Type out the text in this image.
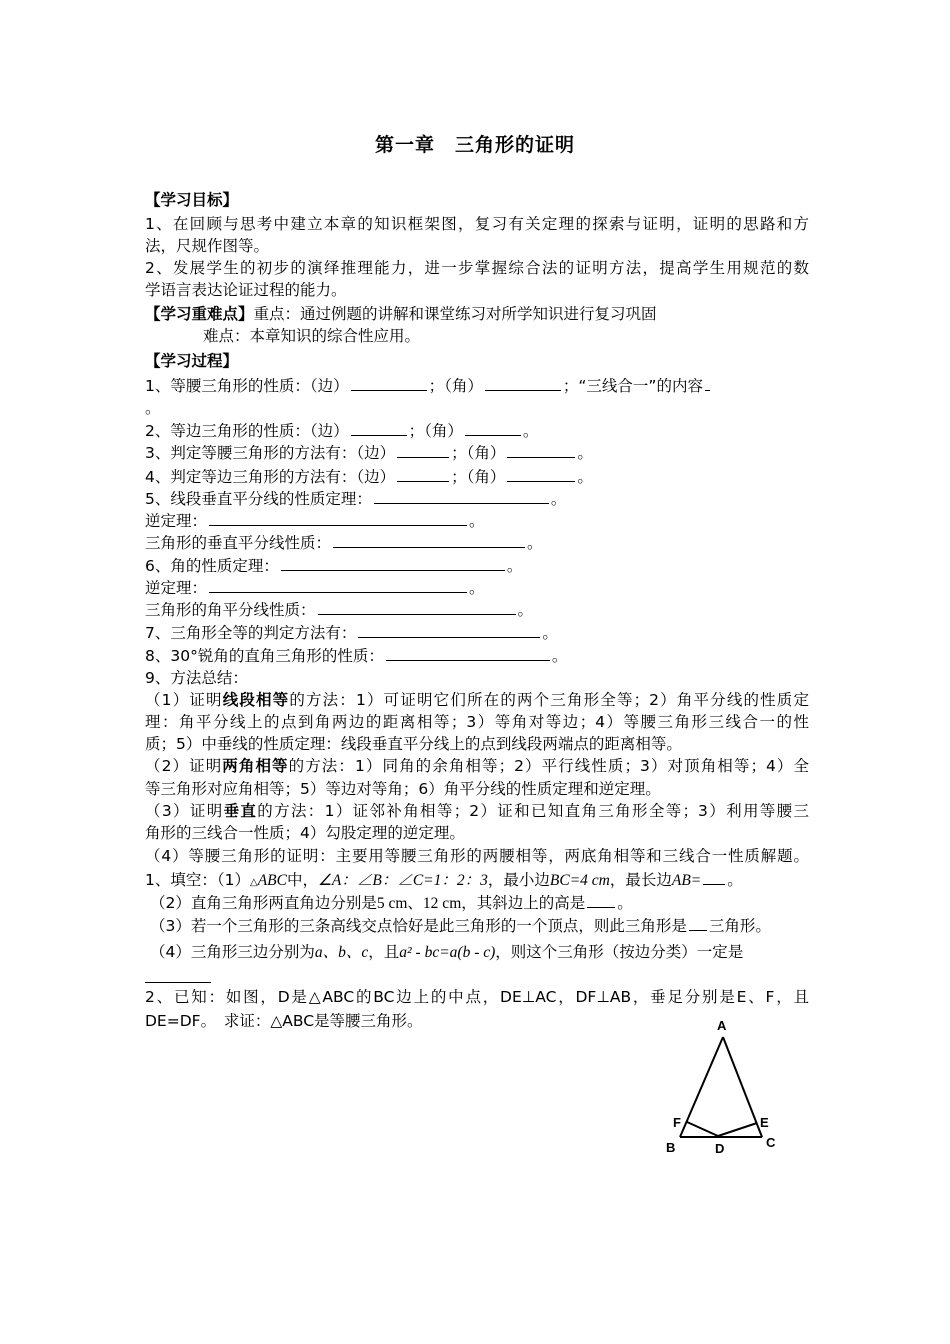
第一章　三角形的证明
【学习目标】
1、在回顾与思考中建立本章的知识框架图，复习有关定理的探索与证明，证明的思路和方
法，尺规作图等。
2、发展学生的初步的演绎推理能力，进一步掌握综合法的证明方法，提高学生用规范的数
学语言表达论证过程的能力。
【学习重难点】重点：通过例题的讲解和课堂练习对所学知识进行复习巩固
难点：本章知识的综合性应用。
【学习过程】
1、等腰三角形的性质：（边）	；（角）	；“三线合一”的内容
。
2、等边三角形的性质：（边）	；（角）	。
3、判定等腰三角形的方法有：（边）	；（角）	。
4、判定等边三角形的方法有：（边）	；（角）	。
5、线段垂直平分线的性质定理：	。
逆定理：	。
三角形的垂直平分线性质：	。
6、角的性质定理：	。
逆定理：	。
三角形的角平分线性质：	。
7、三角形全等的判定方法有：	。
8、30°锐角的直角三角形的性质：	。
9、方法总结：
（1）证明线段相等的方法：1）可证明它们所在的两个三角形全等；2）角平分线的性质定
理：角平分线上的点到角两边的距离相等；3）等角对等边；4）等腰三角形三线合一的性
质；5）中垂线的性质定理：线段垂直平分线上的点到线段两端点的距离相等。
（2）证明两角相等的方法：1）同角的余角相等；2）平行线性质；3）对顶角相等；4）全
等三角形对应角相等；5）等边对等角；6）角平分线的性质定理和逆定理。
（3）证明垂直的方法：1）证邻补角相等；2）证和已知直角三角形全等；3）利用等腰三
角形的三线合一性质；4）勾股定理的逆定理。
（4）等腰三角形的证明：主要用等腰三角形的两腰相等，两底角相等和三线合一性质解题。
1、填空：（1）△ABC中，∠A：∠B：∠C=1：2：3，最小边BC=4 cm，最长边AB= 。
（2）直角三角形两直角边分别是5 cm、12 cm，其斜边上的高是 。
（3）若一个三角形的三条高线交点恰好是此三角形的一个顶点，则此三角形是 三角形。
（4）三角形三边分别为a、b、c，且a² - bc=a(b - c)，则这个三角形（按边分类）一定是
2、已知：如图，D是△ABC的BC边上的中点，DE⊥AC，DF⊥AB，垂足分别是E、F，且
DE=DF。　求证：△ABC是等腰三角形。	A
F	E
B	D	C
